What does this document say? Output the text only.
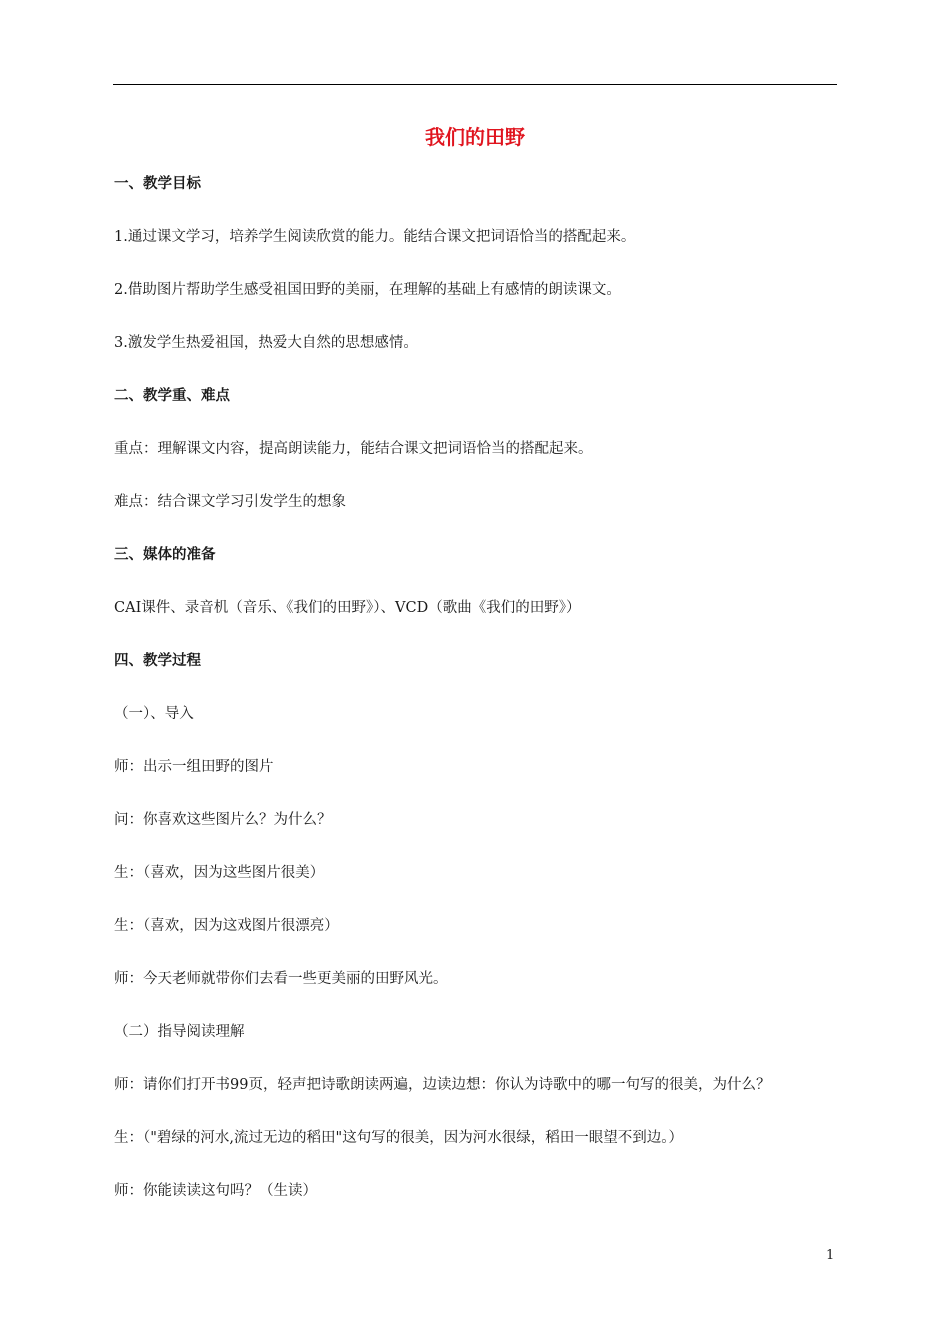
我们的田野
一、教学目标
1.通过课文学习，培养学生阅读欣赏的能力。能结合课文把词语恰当的搭配起来。
2.借助图片帮助学生感受祖国田野的美丽，在理解的基础上有感情的朗读课文。
3.激发学生热爱祖国，热爱大自然的思想感情。
二、教学重、难点
重点：理解课文内容，提高朗读能力，能结合课文把词语恰当的搭配起来。
难点：结合课文学习引发学生的想象
三、媒体的准备
CAI课件、录音机（音乐、《我们的田野》）、VCD（歌曲《我们的田野》）
四、教学过程
（一）、导入
师：出示一组田野的图片
问：你喜欢这些图片么？为什么？
生：（喜欢，因为这些图片很美）
生：（喜欢，因为这戏图片很漂亮）
师：今天老师就带你们去看一些更美丽的田野风光。
（二）指导阅读理解
师：请你们打开书99页，轻声把诗歌朗读两遍，边读边想：你认为诗歌中的哪一句写的很美，为什么？
生：（"碧绿的河水,流过无边的稻田"这句写的很美，因为河水很绿，稻田一眼望不到边。）
师：你能读读这句吗？（生读）
1
